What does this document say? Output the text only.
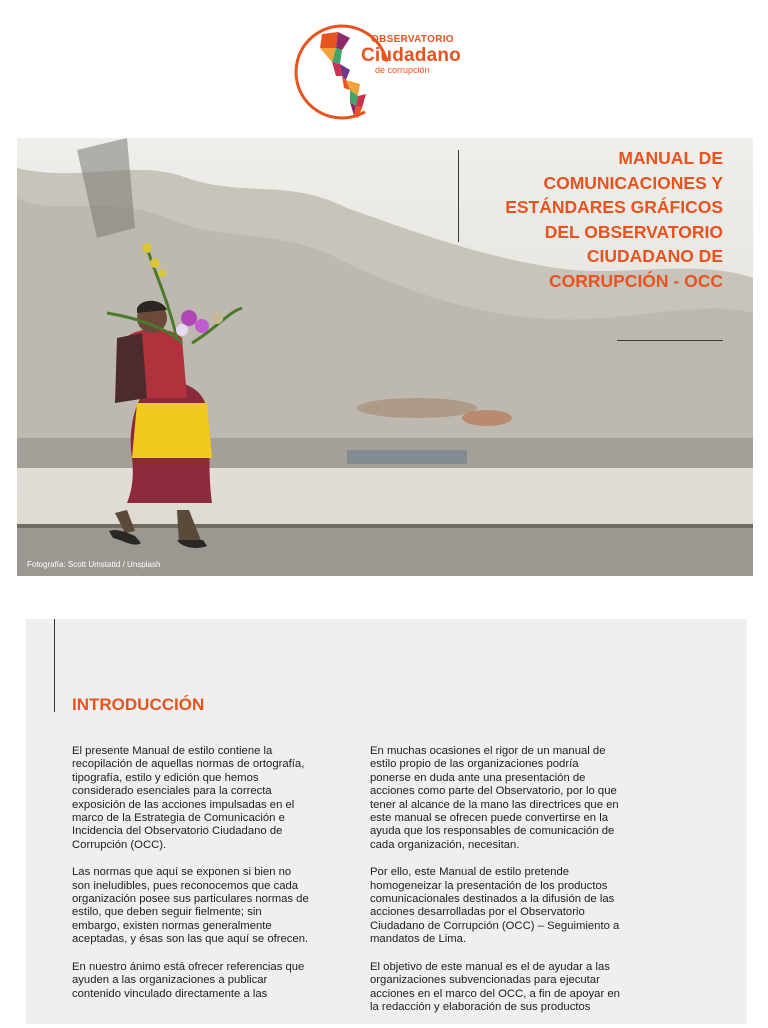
OBSERVATORIO
Ciudadano
de corrupción
MANUAL DE
COMUNICACIONES Y
ESTÁNDARES GRÁFICOS
DEL OBSERVATORIO
CIUDADANO DE
CORRUPCIÓN - OCC
Fotografía: Scott Umstattd / Unsplash
INTRODUCCIÓN

El presente Manual de estilo contiene la recopilación de aquellas normas de ortografía, tipografía, estilo y edición que hemos considerado esenciales para la correcta exposición de las acciones impulsadas en el marco de la Estrategia de Comunicación e Incidencia del Observatorio Ciudadano de Corrupción (OCC).

Las normas que aquí se exponen si bien no son ineludibles, pues reconocemos que cada organización posee sus particulares normas de estilo, que deben seguir fielmente; sin embargo, existen normas generalmente aceptadas, y ésas son las que aquí se ofrecen.

En nuestro ánimo está ofrecer referencias que ayuden a las organizaciones a publicar contenido vinculado directamente a las

En muchas ocasiones el rigor de un manual de estilo propio de las organizaciones podría ponerse en duda ante una presentación de acciones como parte del Observatorio, por lo que tener al alcance de la mano las directrices que en este manual se ofrecen puede convertirse en la ayuda que los responsables de comunicación de cada organización, necesitan.

Por ello, este Manual de estilo pretende homogeneizar la presentación de los productos comunicacionales destinados a la difusión de las acciones desarrolladas por el Observatorio Ciudadano de Corrupción (OCC) – Seguimiento a mandatos de Lima.

El objetivo de este manual es el de ayudar a las organizaciones subvencionadas para ejecutar acciones en el marco del OCC, a fin de apoyar en la redacción y elaboración de sus productos
